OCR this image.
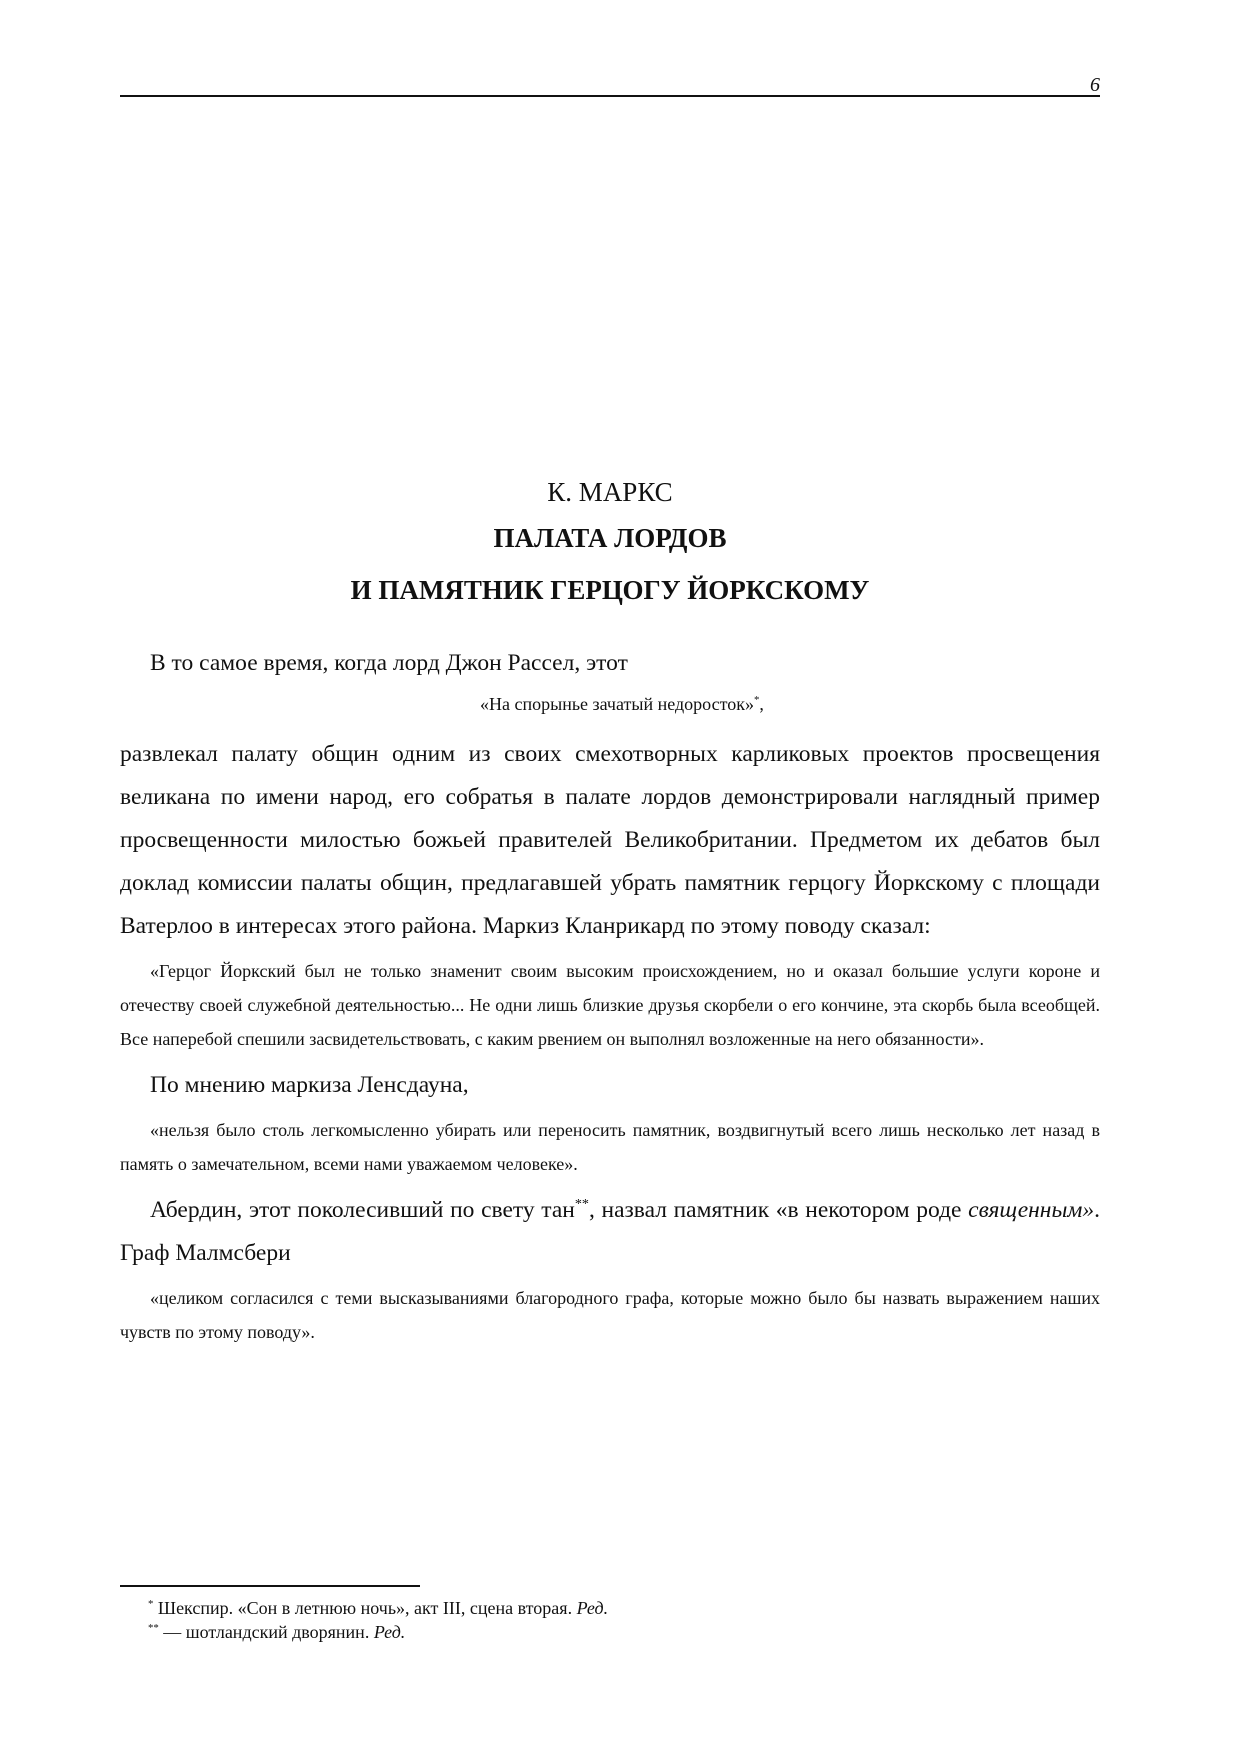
6

К. МАРКС

ПАЛАТА ЛОРДОВ

И ПАМЯТНИК ГЕРЦОГУ ЙОРКСКОМУ

В то самое время, когда лорд Джон Рассел, этот

«На спорынье зачатый недоросток»*,

развлекал палату общин одним из своих смехотворных карликовых проектов просвещения великана по имени народ, его собратья в палате лордов демонстрировали наглядный пример просвещенности милостью божьей правителей Великобритании. Предметом их дебатов был доклад комиссии палаты общин, предлагавшей убрать памятник герцогу Йоркскому с площади Ватерлоо в интересах этого района. Маркиз Кланрикард по этому поводу сказал:

«Герцог Йоркский был не только знаменит своим высоким происхождением, но и оказал большие услуги короне и отечеству своей служебной деятельностью... Не одни лишь близкие друзья скорбели о его кончине, эта скорбь была всеобщей. Все наперебой спешили засвидетельствовать, с каким рвением он выполнял возложенные на него обязанности».

По мнению маркиза Ленсдауна,

«нельзя было столь легкомысленно убирать или переносить памятник, воздвигнутый всего лишь несколько лет назад в память о замечательном, всеми нами уважаемом человеке».

Абердин, этот поколесивший по свету тан**, назвал памятник «в некотором роде священным». Граф Малмсбери

«целиком согласился с теми высказываниями благородного графа, которые можно было бы назвать выражением наших чувств по этому поводу».

* Шекспир. «Сон в летнюю ночь», акт III, сцена вторая. Ред.

** — шотландский дворянин. Ред.
